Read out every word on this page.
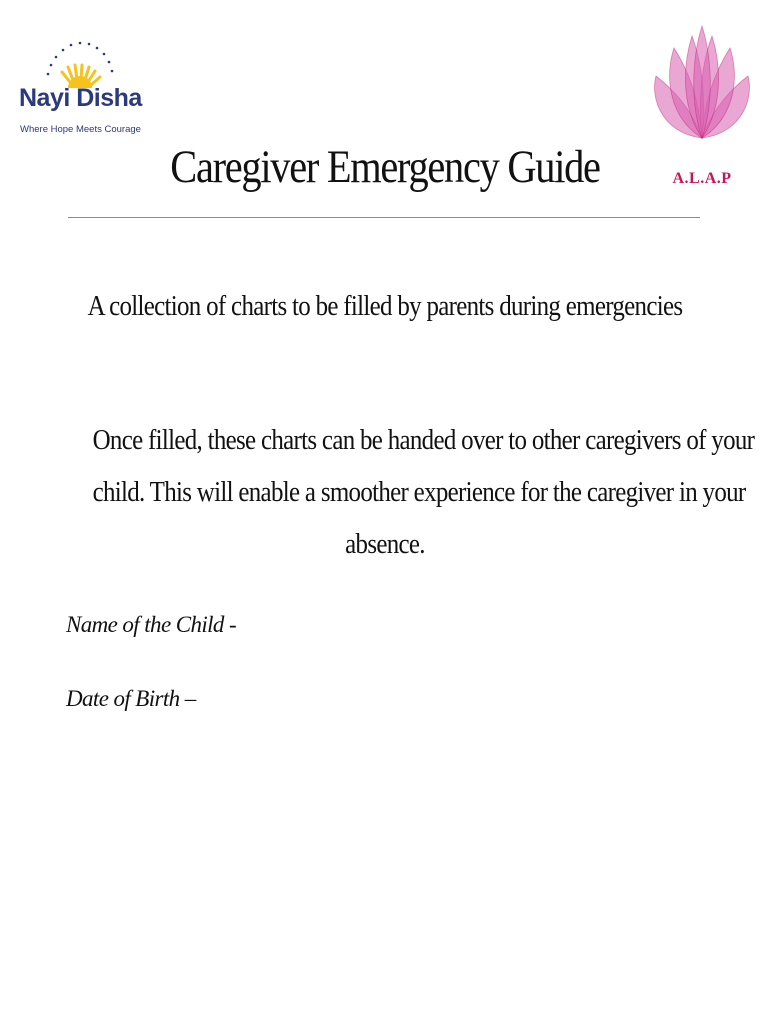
Nayi Disha
Where Hope Meets Courage
A.L.A.P
Caregiver Emergency Guide
A collection of charts to be filled by parents during emergencies
Once filled, these charts can be handed over to other caregivers of your
child. This will enable a smoother experience for the caregiver in your
absence.
Name of the Child -
Date of Birth –
